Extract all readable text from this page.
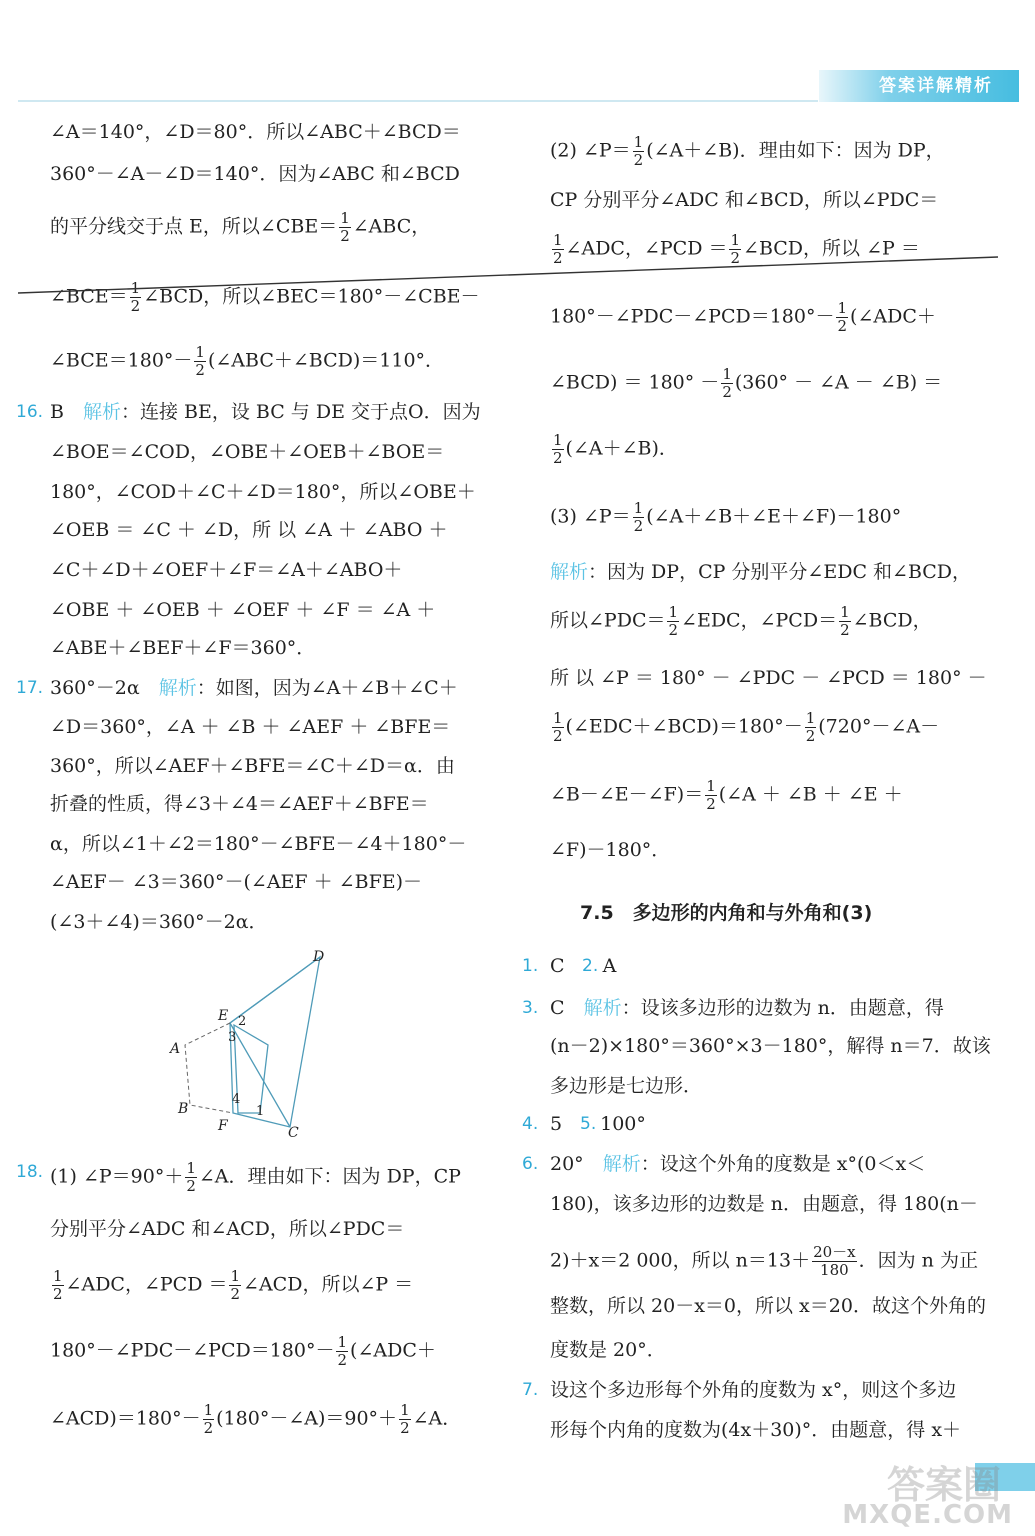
答案详解精析
∠A＝140°，∠D＝80°．所以∠ABC＋∠BCD＝
360°－∠A－∠D＝140°．因为∠ABC 和∠BCD
的平分线交于点 E，所以∠CBE＝ $\frac{1}{2}$ ∠ABC，
∠BCE＝ $\frac{1}{2}$ ∠BCD，所以∠BEC＝180°－∠CBE－
∠BCE＝180°－ $\frac{1}{2}$ (∠ABC＋∠BCD)＝110°．
B　 解析：连接 BE，设 BC 与 DE 交于点O．因为
∠BOE＝∠COD，∠OBE＋∠OEB＋∠BOE＝
180°，∠COD＋∠C＋∠D＝180°，所以∠OBE＋
∠OEB ＝ ∠C ＋ ∠D，所 以 ∠A ＋ ∠ABO ＋
∠C＋∠D＋∠OEF＋∠F＝∠A＋∠ABO＋
∠OBE ＋ ∠OEB ＋ ∠OEF ＋ ∠F ＝ ∠A ＋
∠ABE＋∠BEF＋∠F＝360°．
360°－2α　 解析：如图，因为∠A＋∠B＋∠C＋
∠D＝360°，∠A ＋ ∠B ＋ ∠AEF ＋ ∠BFE＝
360°，所以∠AEF＋∠BFE＝∠C＋∠D＝α．由
折叠的性质，得∠3＋∠4＝∠AEF＋∠BFE＝
α，所以∠1＋∠2＝180°－∠BFE－∠4＋180°－
∠AEF－ ∠3＝360°－(∠AEF ＋ ∠BFE)－
(∠3＋∠4)＝360°－2α．
(1) ∠P＝90°＋ $\frac{1}{2}$ ∠A．理由如下：因为 DP，CP
分别平分∠ADC 和∠ACD，所以∠PDC＝
$\frac{1}{2}$ ∠ADC，∠PCD ＝ $\frac{1}{2}$ ∠ACD，所以∠P ＝
180°－∠PDC－∠PCD＝180°－ $\frac{1}{2}$ (∠ADC＋
∠ACD)＝180°－ $\frac{1}{2}$ (180°－∠A)＝90°＋ $\frac{1}{2}$ ∠A．
16.
17.
18.
D
E
A
B
F	C
1
2
3
4
(2) ∠P＝ $\frac{1}{2}$ (∠A＋∠B)．理由如下：因为 DP，
CP 分别平分∠ADC 和∠BCD，所以∠PDC＝
$\frac{1}{2}$ ∠ADC，∠PCD ＝ $\frac{1}{2}$ ∠BCD，所以 ∠P ＝
180°－∠PDC－∠PCD＝180°－ $\frac{1}{2}$ (∠ADC＋
∠BCD) ＝ $180^\circ - \frac{1}{2} (360^\circ$ － ∠A － ∠B) ＝
$\frac{1}{2}$ (∠A＋∠B)．
(3) ∠P＝ $\frac{1}{2}$ (∠A＋∠B＋∠E＋∠F)－180°
解析：因为 DP，CP 分别平分∠EDC 和∠BCD，
所以∠PDC＝ $\frac{1}{2}$ ∠EDC，∠PCD＝ $\frac{1}{2}$ ∠BCD，
所 以 ∠P ＝ 180° － ∠PDC － ∠PCD ＝ 180° －
$\frac{1}{2}$ (∠EDC＋∠BCD)＝180°－ $\frac{1}{2}$ (720°－∠A－
∠B－∠E－∠F)＝ $\frac{1}{2}$ (∠A ＋ ∠B ＋ ∠E ＋
∠F)－180°．
C　　 A
C　 解析：设该多边形的边数为 n．由题意，得
(n－2)×180°＝360°×3－180°，解得 n＝7．故该
多边形是七边形．
5　　 100°
20°　 解析：设这个外角的度数是 x°(0＜x＜
180)，该多边形的边数是 n．由题意，得 180(n－
2)＋x＝2 000，所以 $n=13+ \frac{20-x}{180}$ ．因为 n 为正
整数，所以 20－x＝0，所以 x＝20．故这个外角的
度数是 20°．
设这个多边形每个外角的度数为 x°，则这个多边
形每个内角的度数为(4x＋30)°．由题意，得 x＋
7.5　多边形的内角和与外角和(3)
1.	2.
3.
4. 5.
6.
7.
答案圈
MXQE.COM
